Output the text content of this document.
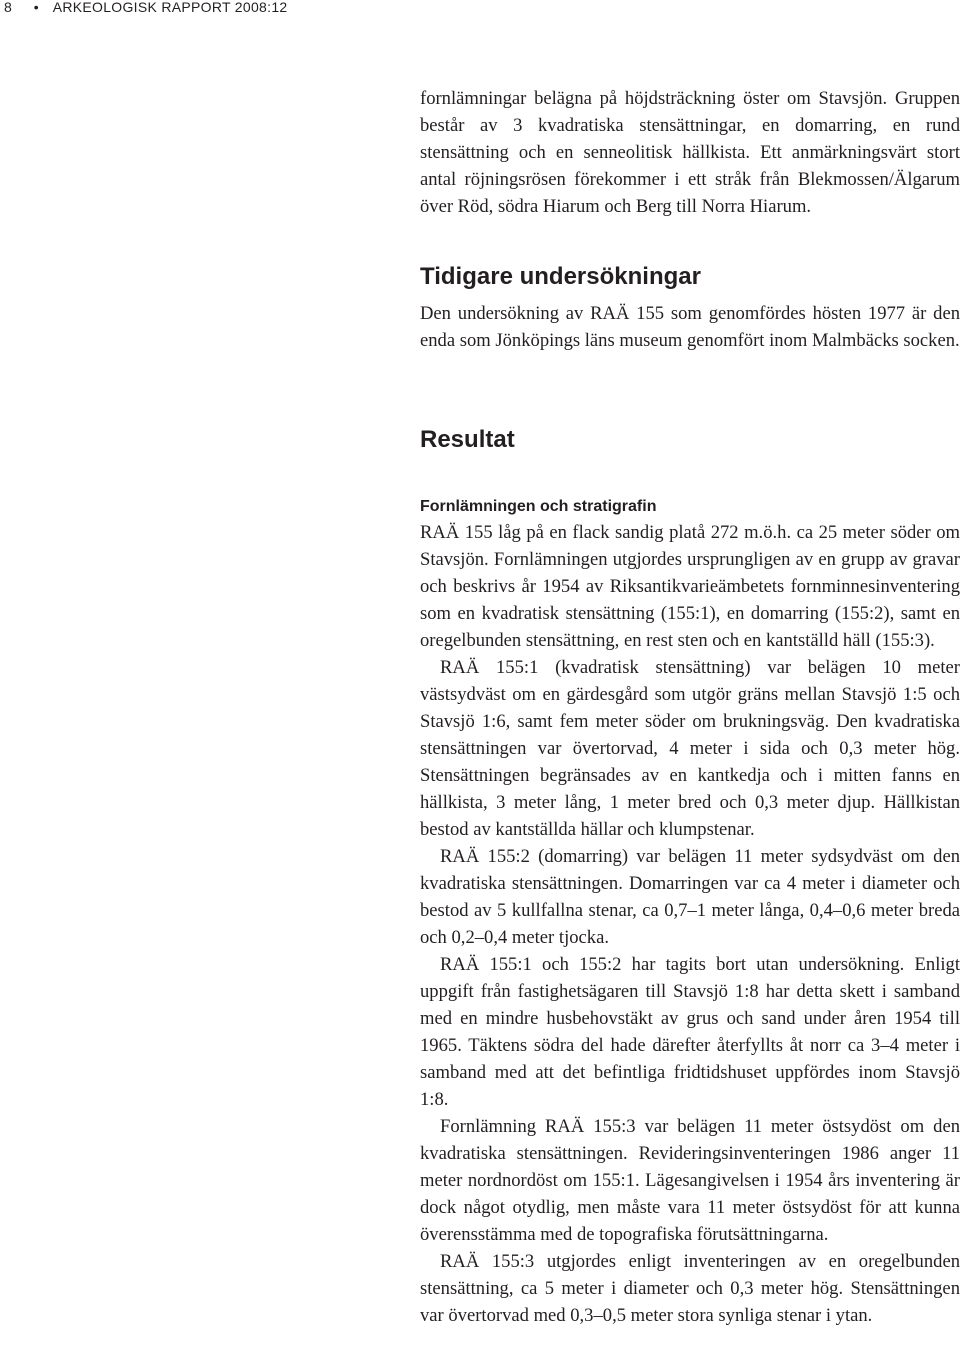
8 • ARKEOLOGISK RAPPORT 2008:12

fornlämningar belägna på höjdsträckning öster om Stavsjön. Gruppen består av 3 kvadratiska stensättningar, en domarring, en rund stensättning och en senneolitisk hällkista. Ett anmärkningsvärt stort antal röjningsrösen förekommer i ett stråk från Blekmossen/Älgarum över Röd, södra Hiarum och Berg till Norra Hiarum.

Tidigare undersökningar

Den undersökning av RAÄ 155 som genomfördes hösten 1977 är den enda som Jönköpings läns museum genomfört inom Malmbäcks socken.

Resultat
Fornlämningen och stratigrafin

RAÄ 155 låg på en flack sandig platå 272 m.ö.h. ca 25 meter söder om Stavsjön. Fornlämningen utgjordes ursprungligen av en grupp av gravar och beskrivs år 1954 av Riksantikvarieämbetets fornminnesinventering som en kvadratisk stensättning (155:1), en domarring (155:2), samt en oregelbunden stensättning, en rest sten och en kantställd häll (155:3).

RAÄ 155:1 (kvadratisk stensättning) var belägen 10 meter västsydväst om en gärdesgård som utgör gräns mellan Stavsjö 1:5 och Stavsjö 1:6, samt fem meter söder om brukningsväg. Den kvadratiska stensättningen var övertorvad, 4 meter i sida och 0,3 meter hög. Stensättningen begränsades av en kantkedja och i mitten fanns en hällkista, 3 meter lång, 1 meter bred och 0,3 meter djup. Hällkistan bestod av kantställda hällar och klumpstenar.

RAÄ 155:2 (domarring) var belägen 11 meter sydsydväst om den kvadratiska stensättningen. Domarringen var ca 4 meter i diameter och bestod av 5 kullfallna stenar, ca 0,7–1 meter långa, 0,4–0,6 meter breda och 0,2–0,4 meter tjocka.

RAÄ 155:1 och 155:2 har tagits bort utan undersökning. Enligt uppgift från fastighetsägaren till Stavsjö 1:8 har detta skett i samband med en mindre husbehovstäkt av grus och sand under åren 1954 till 1965. Täktens södra del hade därefter återfyllts åt norr ca 3–4 meter i samband med att det befintliga fridtidshuset uppfördes inom Stavsjö 1:8.

Fornlämning RAÄ 155:3 var belägen 11 meter östsydöst om den kvadratiska stensättningen. Revideringsinventeringen 1986 anger 11 meter nordnordöst om 155:1. Lägesangivelsen i 1954 års inventering är dock något otydlig, men måste vara 11 meter östsydöst för att kunna överensstämma med de topografiska förutsättningarna.

RAÄ 155:3 utgjordes enligt inventeringen av en oregelbunden stensättning, ca 5 meter i diameter och 0,3 meter hög. Stensättningen var övertorvad med 0,3–0,5 meter stora synliga stenar i ytan.
